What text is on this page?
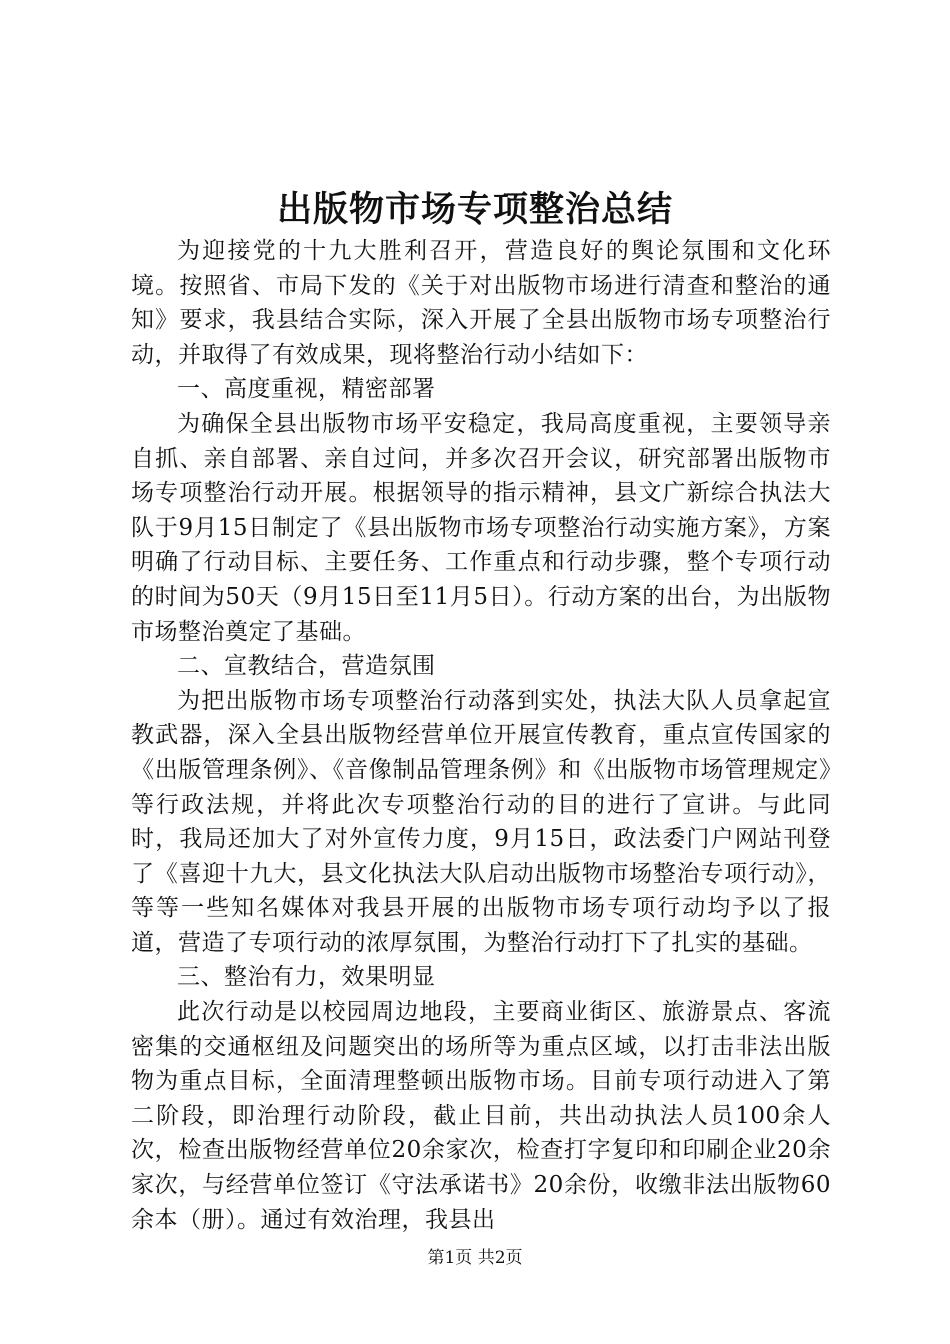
出版物市场专项整治总结

为迎接党的十九大胜利召开，营造良好的舆论氛围和文化环境。按照省、市局下发的《关于对出版物市场进行清查和整治的通知》要求，我县结合实际，深入开展了全县出版物市场专项整治行动，并取得了有效成果，现将整治行动小结如下：

一、高度重视，精密部署

为确保全县出版物市场平安稳定，我局高度重视，主要领导亲自抓、亲自部署、亲自过问，并多次召开会议，研究部署出版物市场专项整治行动开展。根据领导的指示精神，县文广新综合执法大队于9月15日制定了《县出版物市场专项整治行动实施方案》，方案明确了行动目标、主要任务、工作重点和行动步骤，整个专项行动的时间为50天（9月15日至11月5日）。行动方案的出台，为出版物市场整治奠定了基础。

二、宣教结合，营造氛围

为把出版物市场专项整治行动落到实处，执法大队人员拿起宣教武器，深入全县出版物经营单位开展宣传教育，重点宣传国家的《出版管理条例》、《音像制品管理条例》和《出版物市场管理规定》等行政法规，并将此次专项整治行动的目的进行了宣讲。与此同时，我局还加大了对外宣传力度，9月15日，政法委门户网站刊登了《喜迎十九大，县文化执法大队启动出版物市场整治专项行动》，等等一些知名媒体对我县开展的出版物市场专项行动均予以了报道，营造了专项行动的浓厚氛围，为整治行动打下了扎实的基础。

三、整治有力，效果明显

此次行动是以校园周边地段，主要商业街区、旅游景点、客流密集的交通枢纽及问题突出的场所等为重点区域，以打击非法出版物为重点目标，全面清理整顿出版物市场。目前专项行动进入了第二阶段，即治理行动阶段，截止目前，共出动执法人员100余人次，检查出版物经营单位20余家次，检查打字复印和印刷企业20余家次，与经营单位签订《守法承诺书》20余份，收缴非法出版物60余本（册）。通过有效治理，我县出

第1页 共2页
